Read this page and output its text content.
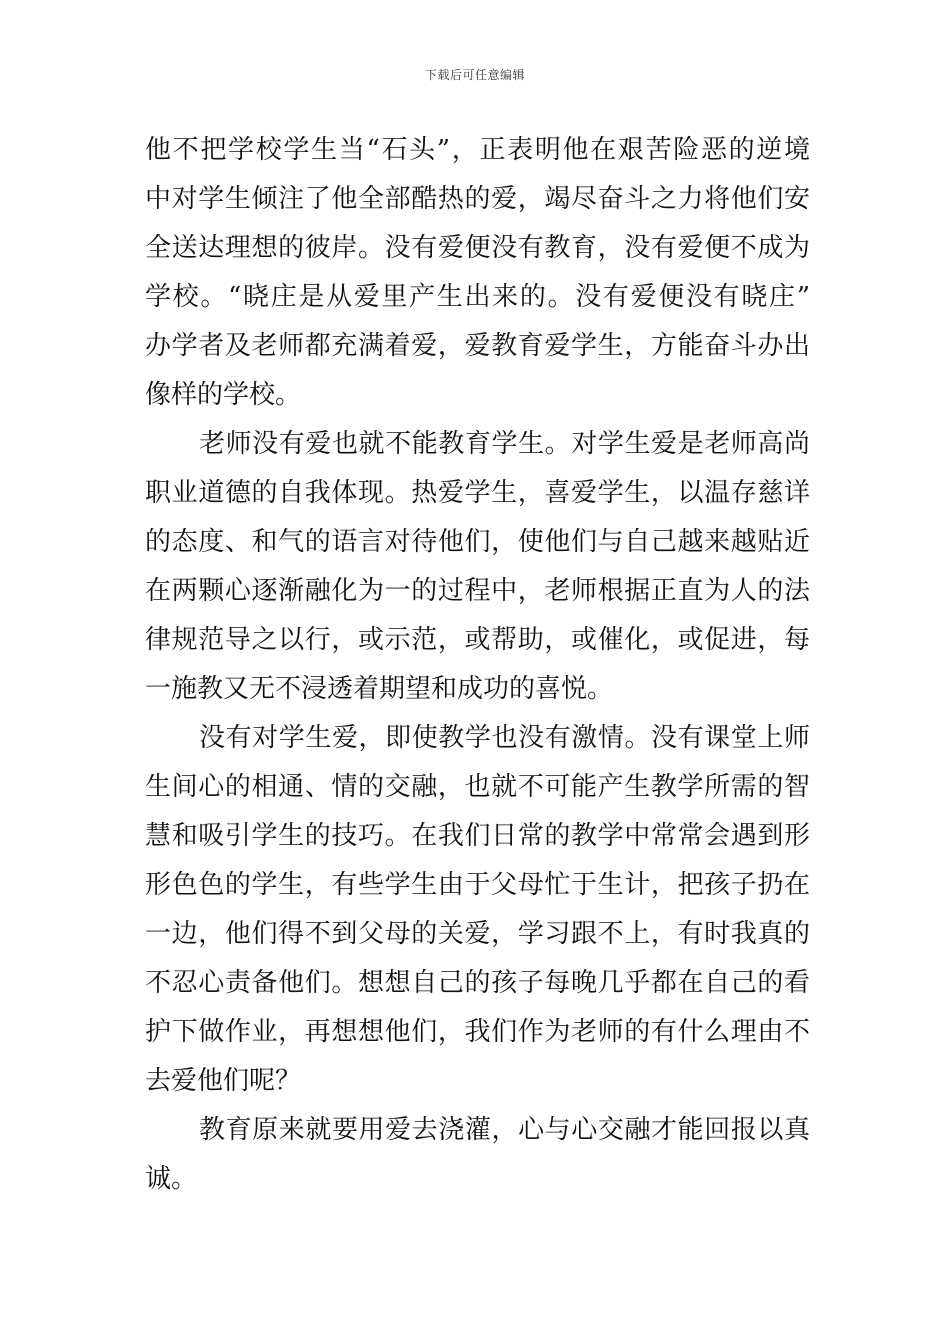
下载后可任意编辑
他不把学校学生当“石头”，正表明他在艰苦险恶的逆境
中对学生倾注了他全部酷热的爱，竭尽奋斗之力将他们安
全送达理想的彼岸。没有爱便没有教育，没有爱便不成为
学校。“晓庄是从爱里产生出来的。没有爱便没有晓庄”
办学者及老师都充满着爱，爱教育爱学生，方能奋斗办出
像样的学校。
老师没有爱也就不能教育学生。对学生爱是老师高尚
职业道德的自我体现。热爱学生，喜爱学生，以温存慈详
的态度、和气的语言对待他们，使他们与自己越来越贴近
在两颗心逐渐融化为一的过程中，老师根据正直为人的法
律规范导之以行，或示范，或帮助，或催化，或促进，每
一施教又无不浸透着期望和成功的喜悦。
没有对学生爱，即使教学也没有激情。没有课堂上师
生间心的相通、情的交融，也就不可能产生教学所需的智
慧和吸引学生的技巧。在我们日常的教学中常常会遇到形
形色色的学生，有些学生由于父母忙于生计，把孩子扔在
一边，他们得不到父母的关爱，学习跟不上，有时我真的
不忍心责备他们。想想自己的孩子每晚几乎都在自己的看
护下做作业，再想想他们，我们作为老师的有什么理由不
去爱他们呢？
教育原来就要用爱去浇灌，心与心交融才能回报以真
诚。
